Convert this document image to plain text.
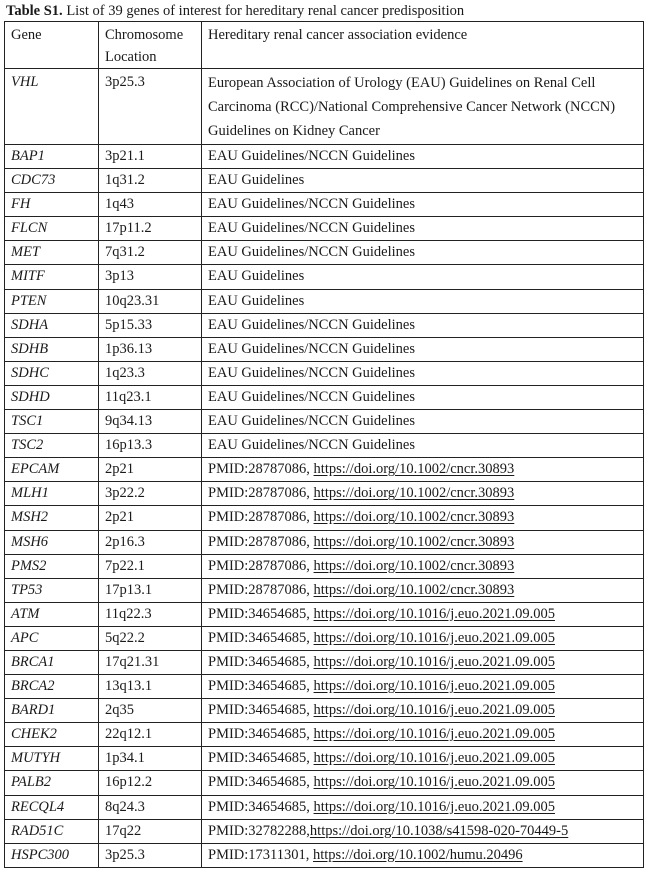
Table S1. List of 39 genes of interest for hereditary renal cancer predisposition
Gene	Chromosome Location	Hereditary renal cancer association evidence
VHL	3p25.3	European Association of Urology (EAU) Guidelines on Renal Cell Carcinoma (RCC)/National Comprehensive Cancer Network (NCCN) Guidelines on Kidney Cancer
BAP1	3p21.1	EAU Guidelines/NCCN Guidelines
CDC73	1q31.2	EAU Guidelines
FH	1q43	EAU Guidelines/NCCN Guidelines
FLCN	17p11.2	EAU Guidelines/NCCN Guidelines
MET	7q31.2	EAU Guidelines/NCCN Guidelines
MITF	3p13	EAU Guidelines
PTEN	10q23.31	EAU Guidelines
SDHA	5p15.33	EAU Guidelines/NCCN Guidelines
SDHB	1p36.13	EAU Guidelines/NCCN Guidelines
SDHC	1q23.3	EAU Guidelines/NCCN Guidelines
SDHD	11q23.1	EAU Guidelines/NCCN Guidelines
TSC1	9q34.13	EAU Guidelines/NCCN Guidelines
TSC2	16p13.3	EAU Guidelines/NCCN Guidelines
EPCAM	2p21	PMID:28787086, https://doi.org/10.1002/cncr.30893
MLH1	3p22.2	PMID:28787086, https://doi.org/10.1002/cncr.30893
MSH2	2p21	PMID:28787086, https://doi.org/10.1002/cncr.30893
MSH6	2p16.3	PMID:28787086, https://doi.org/10.1002/cncr.30893
PMS2	7p22.1	PMID:28787086, https://doi.org/10.1002/cncr.30893
TP53	17p13.1	PMID:28787086, https://doi.org/10.1002/cncr.30893
ATM	11q22.3	PMID:34654685, https://doi.org/10.1016/j.euo.2021.09.005
APC	5q22.2	PMID:34654685, https://doi.org/10.1016/j.euo.2021.09.005
BRCA1	17q21.31	PMID:34654685, https://doi.org/10.1016/j.euo.2021.09.005
BRCA2	13q13.1	PMID:34654685, https://doi.org/10.1016/j.euo.2021.09.005
BARD1	2q35	PMID:34654685, https://doi.org/10.1016/j.euo.2021.09.005
CHEK2	22q12.1	PMID:34654685, https://doi.org/10.1016/j.euo.2021.09.005
MUTYH	1p34.1	PMID:34654685, https://doi.org/10.1016/j.euo.2021.09.005
PALB2	16p12.2	PMID:34654685, https://doi.org/10.1016/j.euo.2021.09.005
RECQL4	8q24.3	PMID:34654685, https://doi.org/10.1016/j.euo.2021.09.005
RAD51C	17q22	PMID:32782288,https://doi.org/10.1038/s41598-020-70449-5
HSPC300	3p25.3	PMID:17311301, https://doi.org/10.1002/humu.20496
